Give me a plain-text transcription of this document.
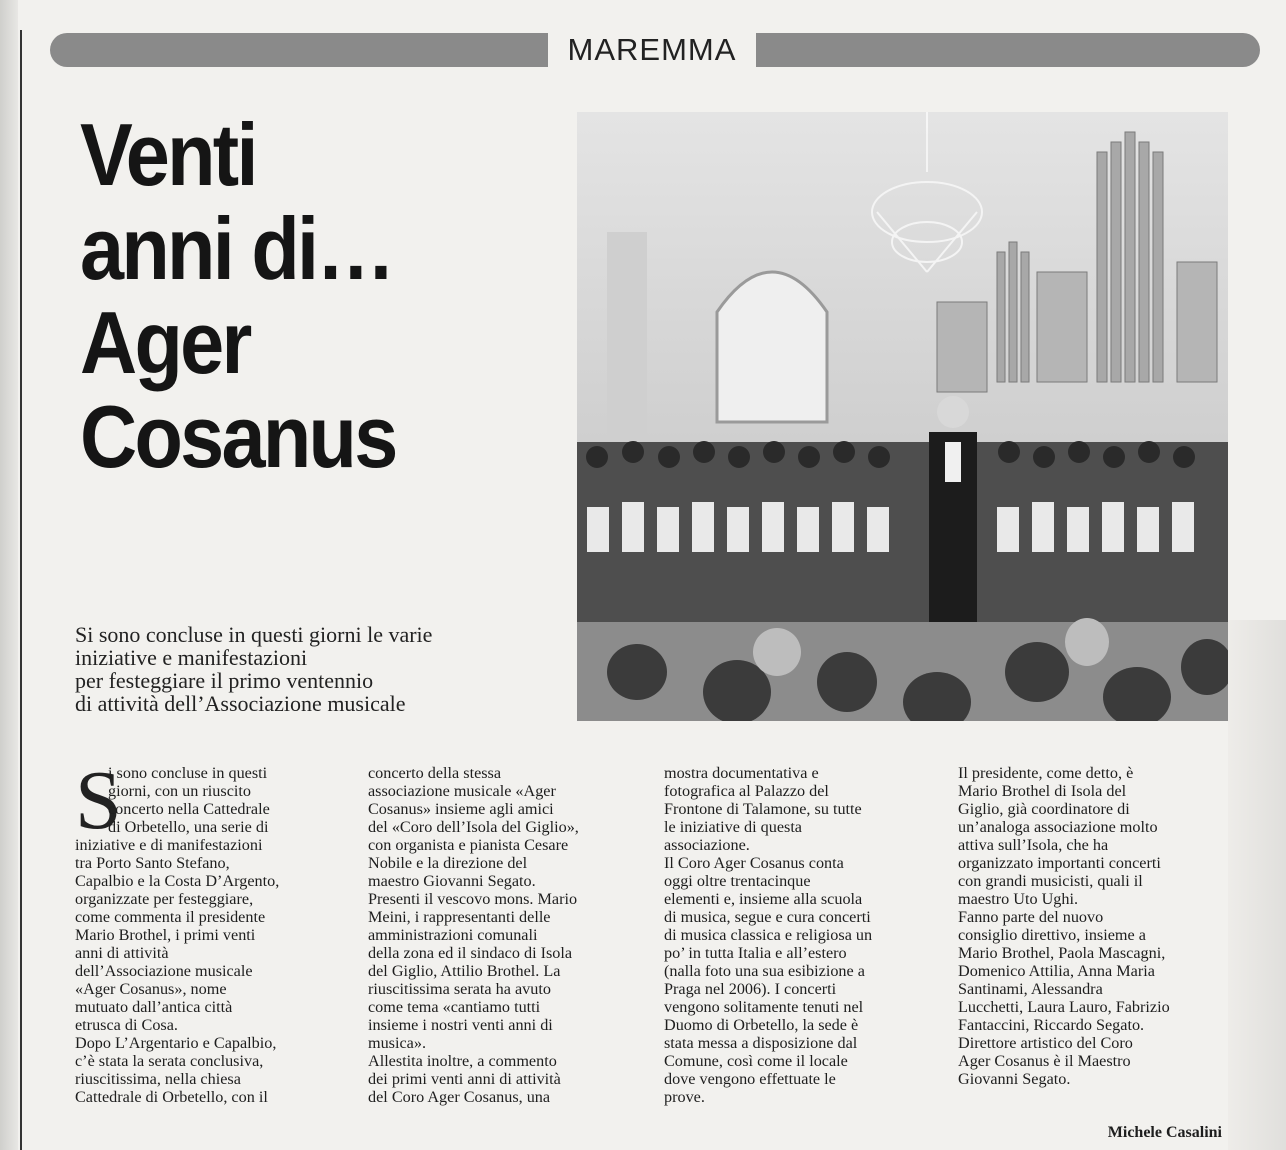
MAREMMA
Venti
anni di…
Ager
Cosanus

Si sono concluse in questi giorni le varie
iniziative e manifestazioni
per festeggiare il primo ventennio
di attività dell’Associazione musicale

S
i sono concluse in questi
giorni, con un riuscito
concerto nella Cattedrale
di Orbetello, una serie di
iniziative e di manifestazioni
tra Porto Santo Stefano,
Capalbio e la Costa D’Argento,
organizzate per festeggiare,
come commenta il presidente
Mario Brothel, i primi venti
anni di attività
dell’Associazione musicale
«Ager Cosanus», nome
mutuato dall’antica città
etrusca di Cosa.
Dopo L’Argentario e Capalbio,
c’è stata la serata conclusiva,
riuscitissima, nella chiesa
Cattedrale di Orbetello, con il
concerto della stessa
associazione musicale «Ager
Cosanus» insieme agli amici
del «Coro dell’Isola del Giglio»,
con organista e pianista Cesare
Nobile e la direzione del
maestro Giovanni Segato.
Presenti il vescovo mons. Mario
Meini, i rappresentanti delle
amministrazioni comunali
della zona ed il sindaco di Isola
del Giglio, Attilio Brothel. La
riuscitissima serata ha avuto
come tema «cantiamo tutti
insieme i nostri venti anni di
musica».
Allestita inoltre, a commento
dei primi venti anni di attività
del Coro Ager Cosanus, una
mostra documentativa e
fotografica al Palazzo del
Frontone di Talamone, su tutte
le iniziative di questa
associazione.
Il Coro Ager Cosanus conta
oggi oltre trentacinque
elementi e, insieme alla scuola
di musica, segue e cura concerti
di musica classica e religiosa un
po’ in tutta Italia e all’estero
(nalla foto una sua esibizione a
Praga nel 2006). I concerti
vengono solitamente tenuti nel
Duomo di Orbetello, la sede è
stata messa a disposizione dal
Comune, così come il locale
dove vengono effettuate le
prove.
Il presidente, come detto, è
Mario Brothel di Isola del
Giglio, già coordinatore di
un’analoga associazione molto
attiva sull’Isola, che ha
organizzato importanti concerti
con grandi musicisti, quali il
maestro Uto Ughi.
Fanno parte del nuovo
consiglio direttivo, insieme a
Mario Brothel, Paola Mascagni,
Domenico Attilia, Anna Maria
Santinami, Alessandra
Lucchetti, Laura Lauro, Fabrizio
Fantaccini, Riccardo Segato.
Direttore artistico del Coro
Ager Cosanus è il Maestro
Giovanni Segato.
Michele Casalini
